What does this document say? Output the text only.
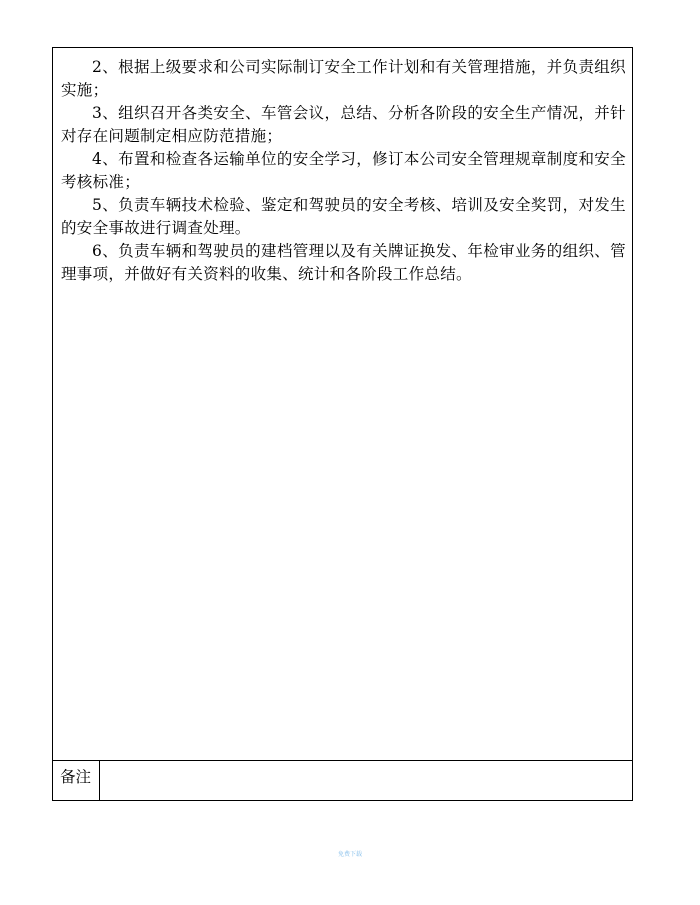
2、根据上级要求和公司实际制订安全工作计划和有关管理措施，并负责组织实施；

3、组织召开各类安全、车管会议，总结、分析各阶段的安全生产情况，并针对存在问题制定相应防范措施；

4、布置和检查各运输单位的安全学习，修订本公司安全管理规章制度和安全考核标准；

5、负责车辆技术检验、鉴定和驾驶员的安全考核、培训及安全奖罚，对发生的安全事故进行调查处理。

6、负责车辆和驾驶员的建档管理以及有关牌证换发、年检审业务的组织、管理事项，并做好有关资料的收集、统计和各阶段工作总结。

备注
免费下载
